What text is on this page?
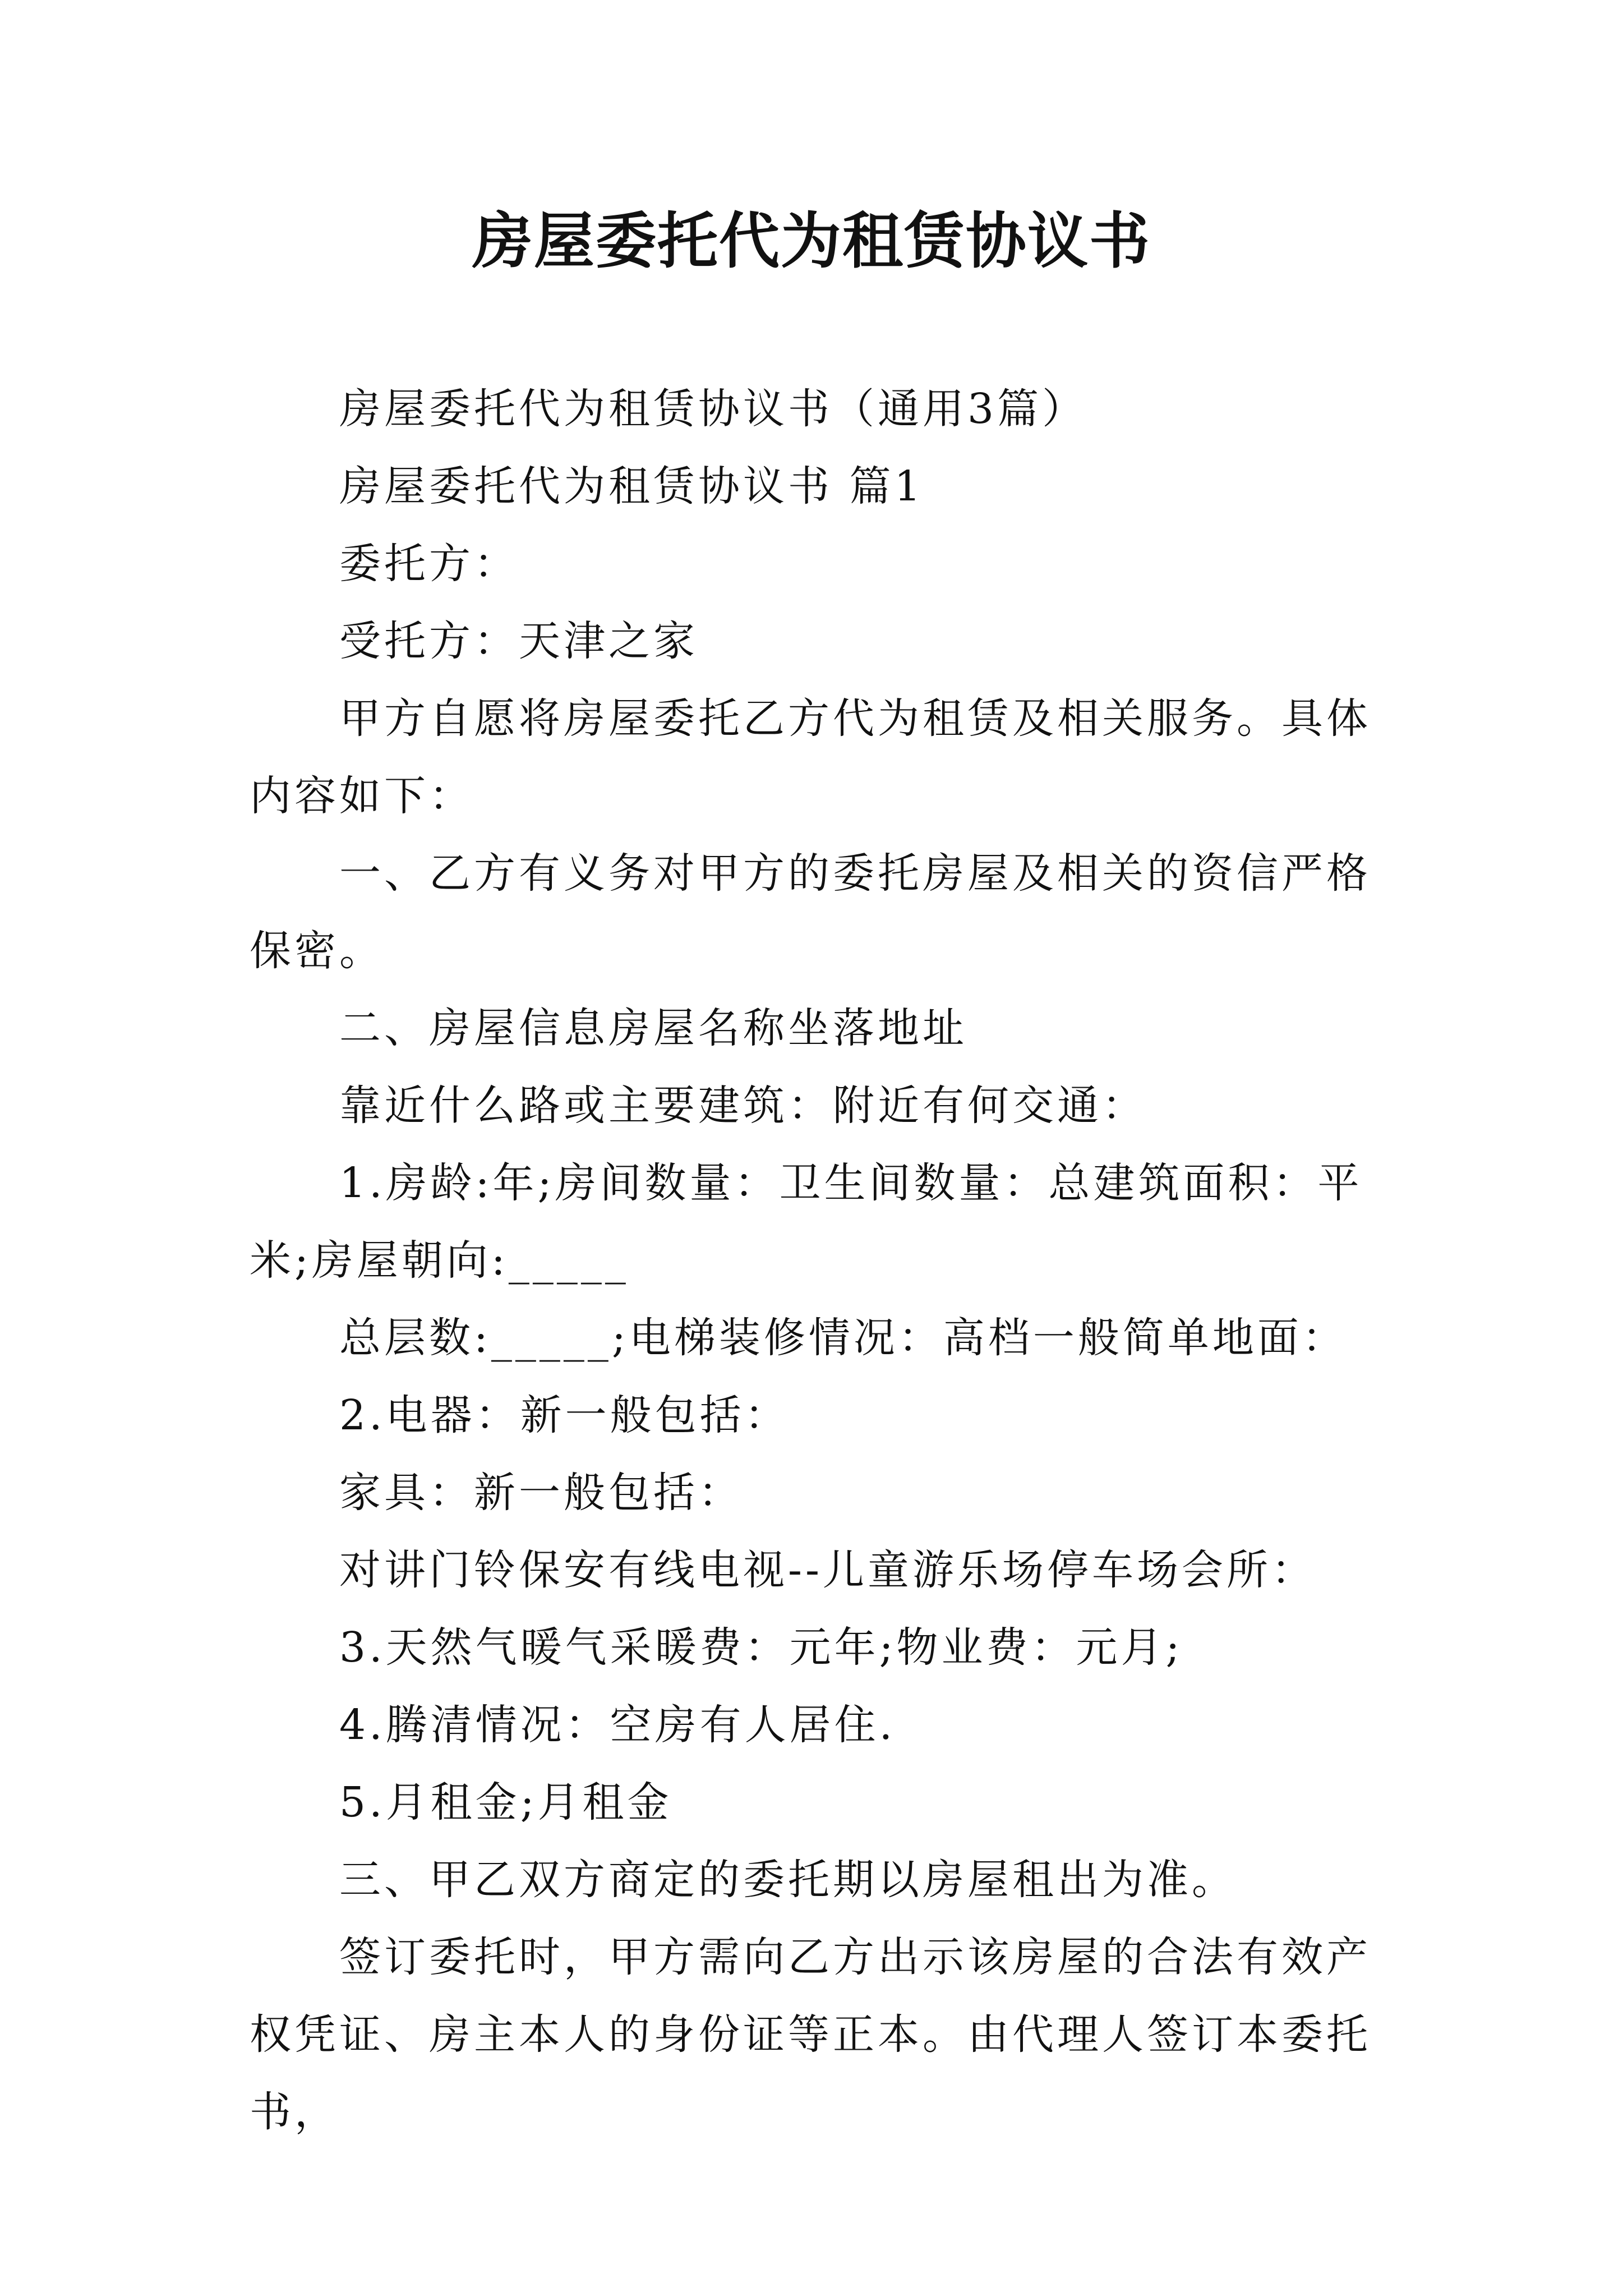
房屋委托代为租赁协议书

房屋委托代为租赁协议书（通用3篇）

房屋委托代为租赁协议书 篇1

委托方：

受托方：天津之家

甲方自愿将房屋委托乙方代为租赁及相关服务。具体内容如下：

一、乙方有义务对甲方的委托房屋及相关的资信严格保密。

二、房屋信息房屋名称坐落地址

靠近什么路或主要建筑：附近有何交通：

1.房龄:年;房间数量：卫生间数量：总建筑面积：平米;房屋朝向:_____

总层数:_____;电梯装修情况：高档一般简单地面：

2.电器：新一般包括：

家具：新一般包括：

对讲门铃保安有线电视--儿童游乐场停车场会所：

3.天然气暖气采暖费：元年;物业费：元月;

4.腾清情况：空房有人居住.

5.月租金;月租金

三、甲乙双方商定的委托期以房屋租出为准。

签订委托时，甲方需向乙方出示该房屋的合法有效产权凭证、房主本人的身份证等正本。由代理人签订本委托书，
